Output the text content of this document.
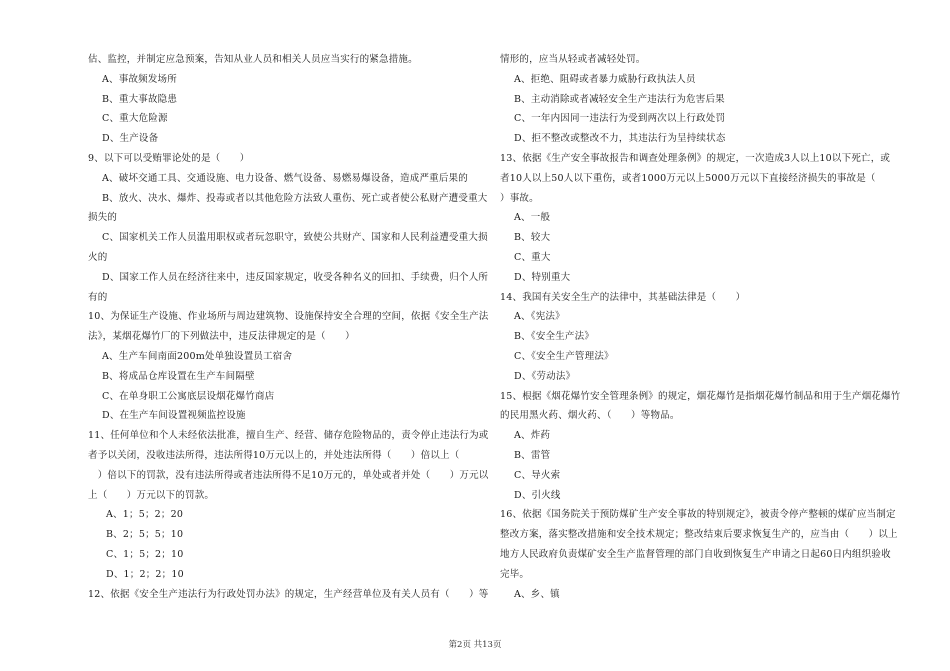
估、监控，并制定应急预案，告知从业人员和相关人员应当实行的紧急措施。
A、事故频发场所
B、重大事故隐患
C、重大危险源
D、生产设备
9、以下可以受贿罪论处的是（　　）
A、破坏交通工具、交通设施、电力设备、燃气设备、易燃易爆设备，造成严重后果的
B、放火、决水、爆炸、投毒或者以其他危险方法致人重伤、死亡或者使公私财产遭受重大
损失的
C、国家机关工作人员滥用职权或者玩忽职守，致使公共财产、国家和人民利益遭受重大损
火的
D、国家工作人员在经济往来中，违反国家规定，收受各种名义的回扣、手续费，归个人所
有的
10、为保证生产设施、作业场所与周边建筑物、设施保持安全合理的空间，依据《安全生产法
法》，某烟花爆竹厂的下列做法中，违反法律规定的是（　　）
A、生产车间南面200m处单独设置员工宿舍
B、将成品仓库设置在生产车间隔壁
C、在单身职工公寓底层设烟花爆竹商店
D、在生产车间设置视频监控设施
11、任何单位和个人未经依法批准，擅自生产、经营、储存危险物品的，责令停止违法行为或
者予以关闭，没收违法所得，违法所得10万元以上的，并处违法所得（　　）倍以上（
　）倍以下的罚款，没有违法所得或者违法所得不足10万元的，单处或者并处（　　）万元以
上（　　）万元以下的罚款。
A、1；5；2；20
B、2；5；5；10
C、1；5；2；10
D、1；2；2；10
12、依据《安全生产违法行为行政处罚办法》的规定，生产经营单位及有关人员有（　　）等
情形的，应当从轻或者减轻处罚。
A、拒绝、阻碍或者暴力威胁行政执法人员
B、主动消除或者减轻安全生产违法行为危害后果
C、一年内因同一违法行为受到两次以上行政处罚
D、拒不整改或整改不力，其违法行为呈持续状态
13、依据《生产安全事故报告和调查处理条例》的规定，一次造成3人以上10以下死亡，或
者10人以上50人以下重伤，或者1000万元以上5000万元以下直接经济损失的事故是（
）事故。
A、一般
B、较大
C、重大
D、特别重大
14、我国有关安全生产的法律中，其基础法律是（　　）
A、《宪法》
B、《安全生产法》
C、《安全生产管理法》
D、《劳动法》
15、根据《烟花爆竹安全管理条例》的规定，烟花爆竹是指烟花爆竹制品和用于生产烟花爆竹
的民用黑火药、烟火药、（　　）等物品。
A、炸药
B、雷管
C、导火索
D、引火线
16、依据《国务院关于预防煤矿生产安全事故的特别规定》，被责令停产整顿的煤矿应当制定
整改方案，落实整改措施和安全技术规定；整改结束后要求恢复生产的，应当由（　　）以上
地方人民政府负责煤矿安全生产监督管理的部门自收到恢复生产申请之日起60日内组织验收
完毕。
A、乡、镇
第2页 共13页
